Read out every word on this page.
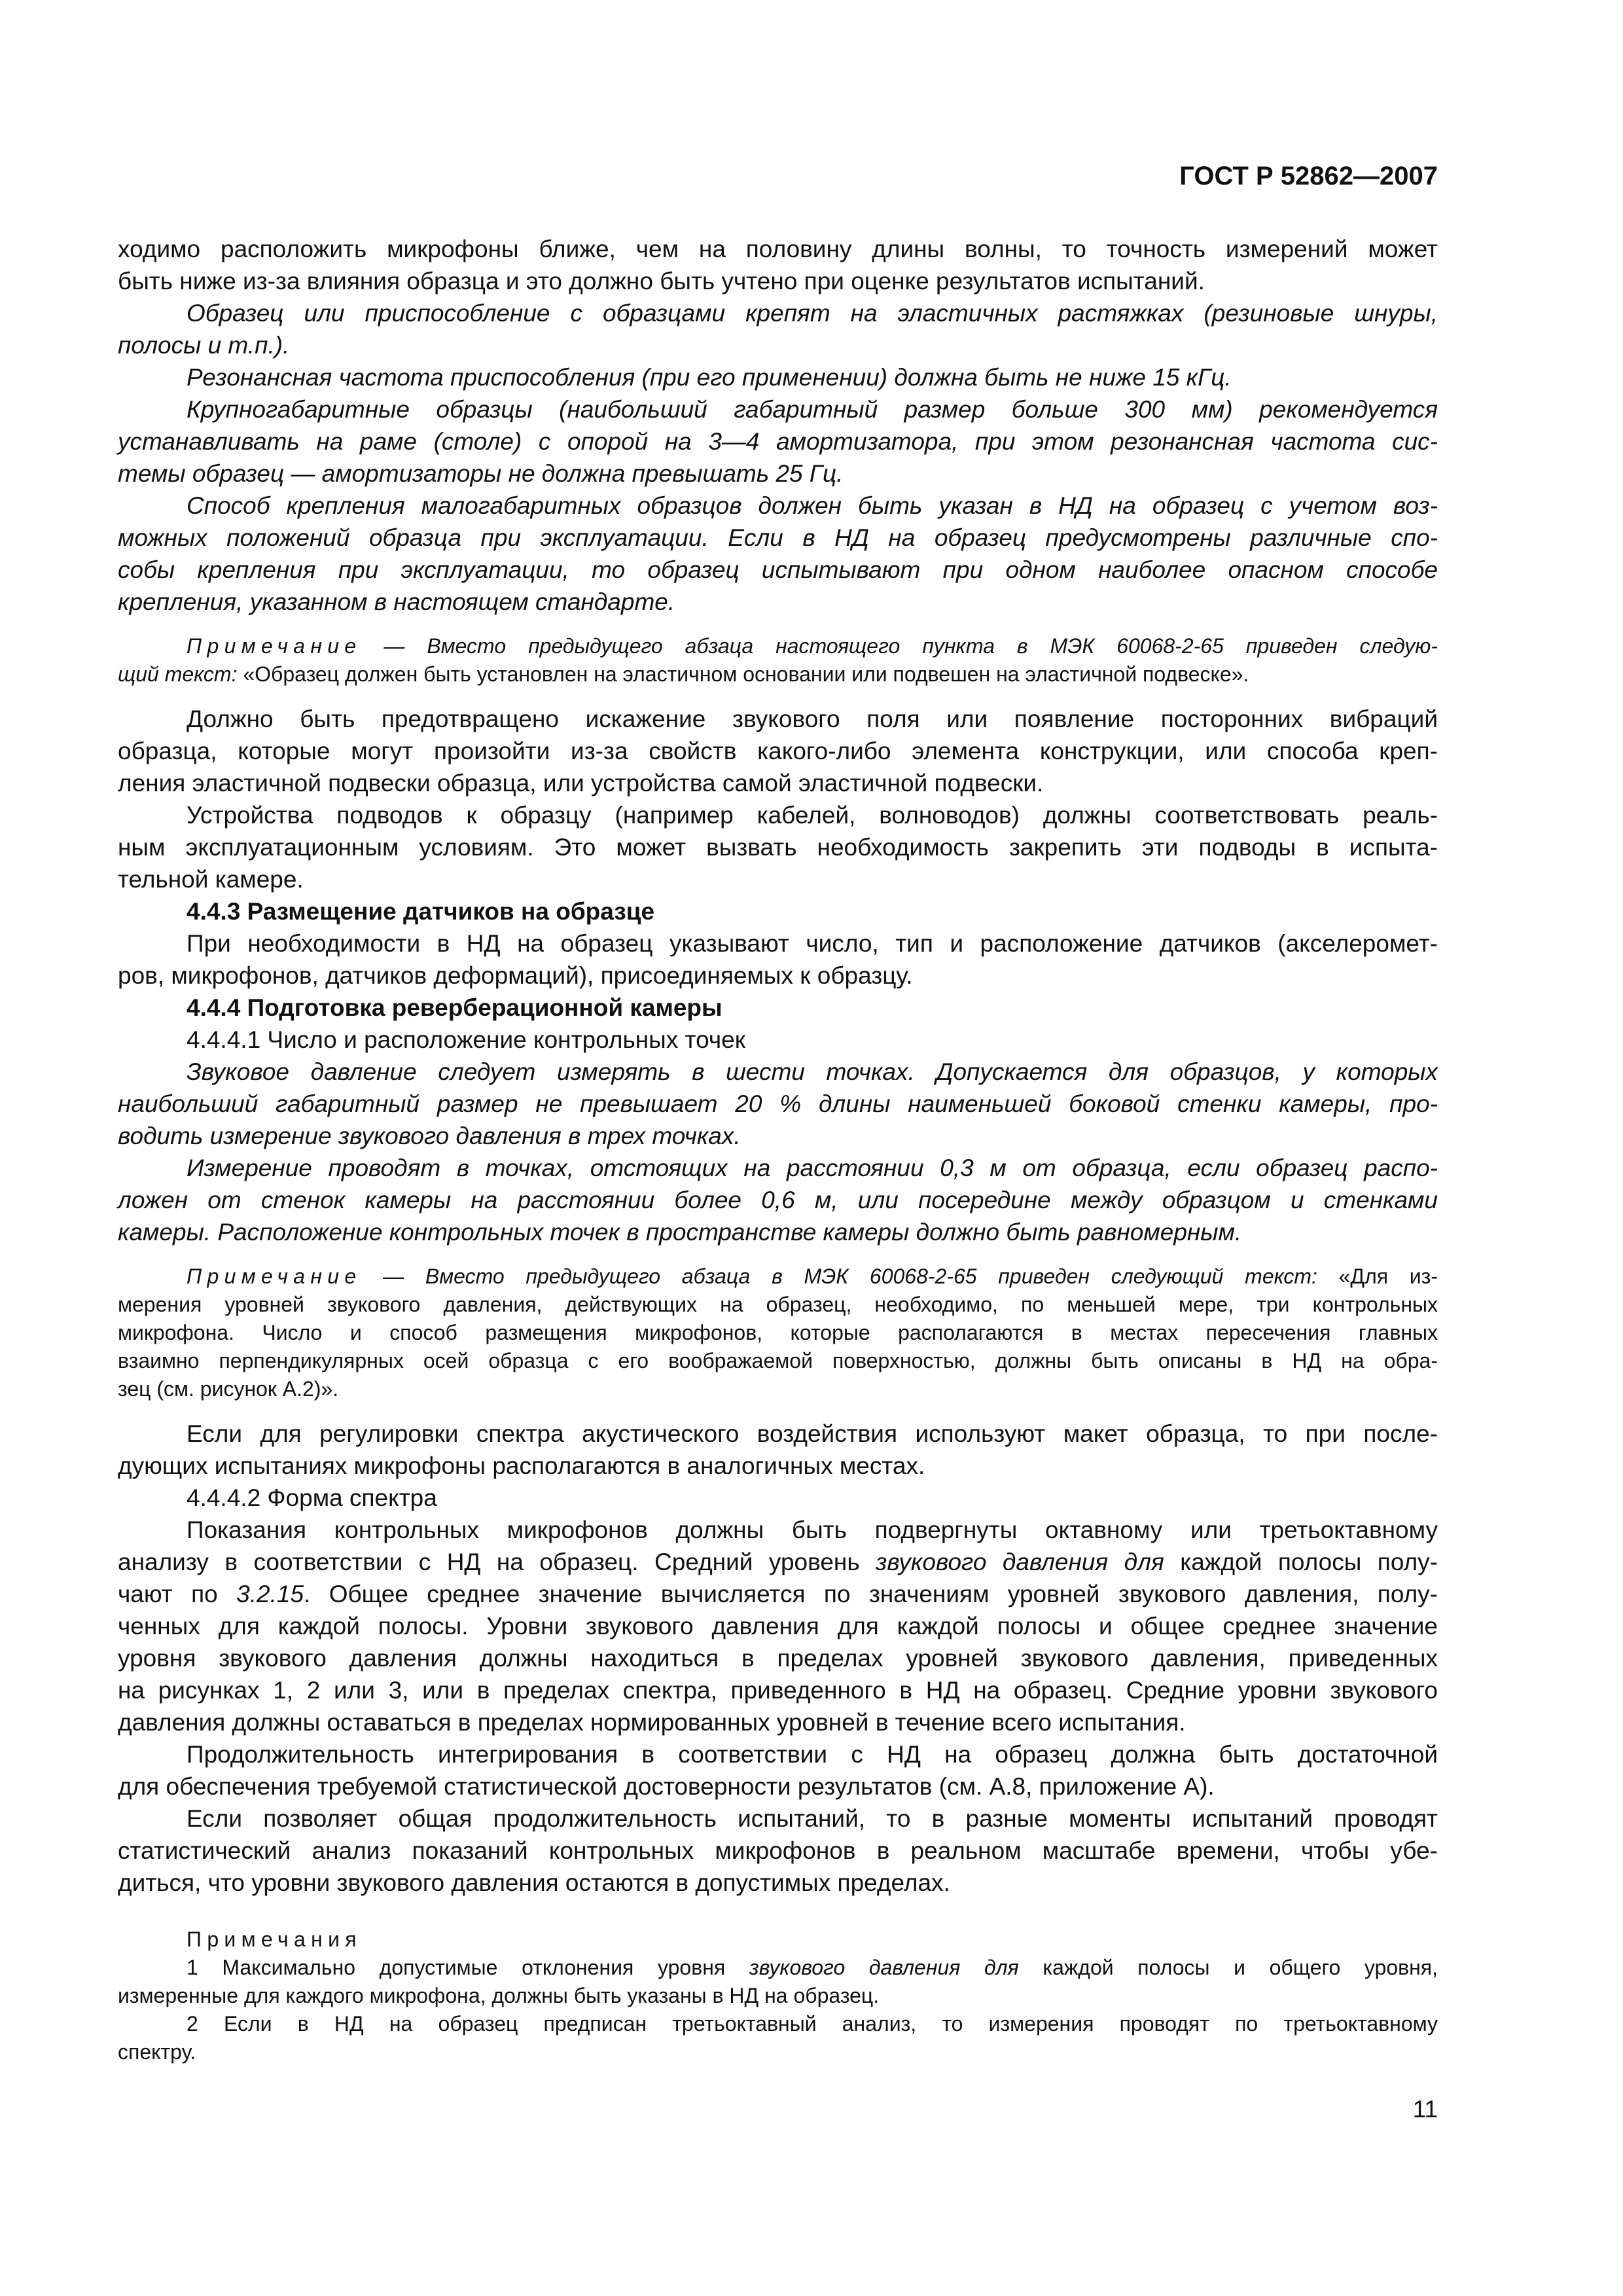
ГОСТ Р 52862—2007
ходимо расположить микрофоны ближе, чем на половину длины волны, то точность измерений может
быть ниже из-за влияния образца и это должно быть учтено при оценке результатов испытаний.
Образец или приспособление с образцами крепят на эластичных растяжках (резиновые шнуры,
полосы и т.п.).
Резонансная частота приспособления (при его применении) должна быть не ниже 15 кГц.
Крупногабаритные образцы (наибольший габаритный размер больше 300 мм) рекомендуется
устанавливать на раме (столе) с опорой на 3—4 амортизатора, при этом резонансная частота сис-
темы образец — амортизаторы не должна превышать 25 Гц.
Способ крепления малогабаритных образцов должен быть указан в НД на образец с учетом воз-
можных положений образца при эксплуатации. Если в НД на образец предусмотрены различные спо-
собы крепления при эксплуатации, то образец испытывают при одном наиболее опасном способе
крепления, указанном в настоящем стандарте.
Примечание — Вместо предыдущего абзаца настоящего пункта в МЭК 60068-2-65 приведен следую-
щий текст: «Образец должен быть установлен на эластичном основании или подвешен на эластичной подвеске».
Должно быть предотвращено искажение звукового поля или появление посторонних вибраций
образца, которые могут произойти из-за свойств какого-либо элемента конструкции, или способа креп-
ления эластичной подвески образца, или устройства самой эластичной подвески.
Устройства подводов к образцу (например кабелей, волноводов) должны соответствовать реаль-
ным эксплуатационным условиям. Это может вызвать необходимость закрепить эти подводы в испыта-
тельной камере.
4.4.3 Размещение датчиков на образце
При необходимости в НД на образец указывают число, тип и расположение датчиков (акселеромет-
ров, микрофонов, датчиков деформаций), присоединяемых к образцу.
4.4.4 Подготовка реверберационной камеры
4.4.4.1 Число и расположение контрольных точек
Звуковое давление следует измерять в шести точках. Допускается для образцов, у которых
наибольший габаритный размер не превышает 20 % длины наименьшей боковой стенки камеры, про-
водить измерение звукового давления в трех точках.
Измерение проводят в точках, отстоящих на расстоянии 0,3 м от образца, если образец распо-
ложен от стенок камеры на расстоянии более 0,6 м, или посередине между образцом и стенками
камеры. Расположение контрольных точек в пространстве камеры должно быть равномерным.
Примечание — Вместо предыдущего абзаца в МЭК 60068-2-65 приведен следующий текст: «Для из-
мерения уровней звукового давления, действующих на образец, необходимо, по меньшей мере, три контрольных
микрофона. Число и способ размещения микрофонов, которые располагаются в местах пересечения главных
взаимно перпендикулярных осей образца с его воображаемой поверхностью, должны быть описаны в НД на обра-
зец (см. рисунок А.2)».
Если для регулировки спектра акустического воздействия используют макет образца, то при после-
дующих испытаниях микрофоны располагаются в аналогичных местах.
4.4.4.2 Форма спектра
Показания контрольных микрофонов должны быть подвергнуты октавному или третьоктавному
анализу в соответствии с НД на образец. Средний уровень звукового давления для каждой полосы полу-
чают по 3.2.15. Общее среднее значение вычисляется по значениям уровней звукового давления, полу-
ченных для каждой полосы. Уровни звукового давления для каждой полосы и общее среднее значение
уровня звукового давления должны находиться в пределах уровней звукового давления, приведенных
на рисунках 1, 2 или 3, или в пределах спектра, приведенного в НД на образец. Средние уровни звукового
давления должны оставаться в пределах нормированных уровней в течение всего испытания.
Продолжительность интегрирования в соответствии с НД на образец должна быть достаточной
для обеспечения требуемой статистической достоверности результатов (см. А.8, приложение А).
Если позволяет общая продолжительность испытаний, то в разные моменты испытаний проводят
статистический анализ показаний контрольных микрофонов в реальном масштабе времени, чтобы убе-
диться, что уровни звукового давления остаются в допустимых пределах.
Примечания
1 Максимально допустимые отклонения уровня звукового давления для каждой полосы и общего уровня,
измеренные для каждого микрофона, должны быть указаны в НД на образец.
2 Если в НД на образец предписан третьоктавный анализ, то измерения проводят по третьоктавному
спектру.
11
